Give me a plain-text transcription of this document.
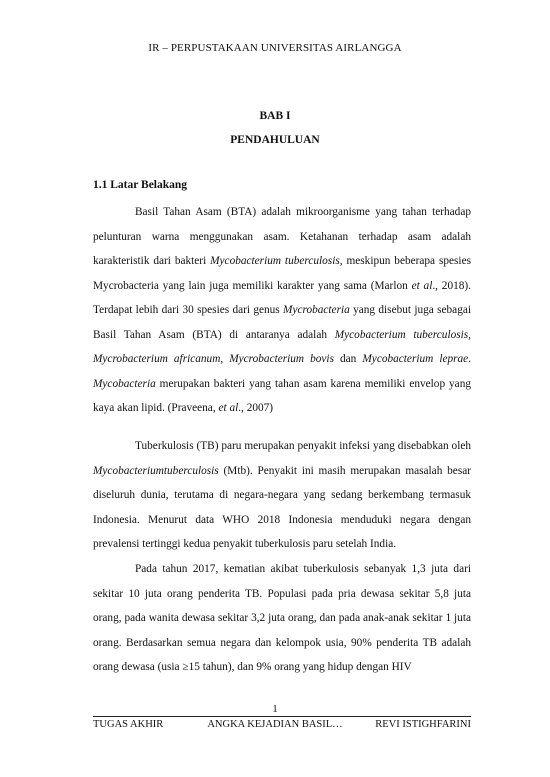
IR – PERPUSTAKAAN UNIVERSITAS AIRLANGGA
BAB I
PENDAHULUAN
1.1 Latar Belakang

Basil Tahan Asam (BTA) adalah mikroorganisme yang tahan terhadap pelunturan warna menggunakan asam. Ketahanan terhadap asam adalah karakteristik dari bakteri Mycobacterium tuberculosis, meskipun beberapa spesies Mycrobacteria yang lain juga memiliki karakter yang sama (Marlon et al., 2018). Terdapat lebih dari 30 spesies dari genus Mycrobacteria yang disebut juga sebagai Basil Tahan Asam (BTA) di antaranya adalah Mycobacterium tuberculosis, Mycrobacterium africanum, Mycrobacterium bovis dan Mycobacterium leprae. Mycobacteria merupakan bakteri yang tahan asam karena memiliki envelop yang kaya akan lipid. (Praveena, et al., 2007)

Tuberkulosis (TB) paru merupakan penyakit infeksi yang disebabkan oleh Mycobacteriumtuberculosis (Mtb). Penyakit ini masih merupakan masalah besar diseluruh dunia, terutama di negara-negara yang sedang berkembang termasuk Indonesia. Menurut data WHO 2018 Indonesia menduduki negara dengan prevalensi tertinggi kedua penyakit tuberkulosis paru setelah India.

Pada tahun 2017, kematian akibat tuberkulosis sebanyak 1,3 juta dari sekitar 10 juta orang penderita TB. Populasi pada pria dewasa sekitar 5,8 juta orang, pada wanita dewasa sekitar 3,2 juta orang, dan pada anak-anak sekitar 1 juta orang. Berdasarkan semua negara dan kelompok usia, 90% penderita TB adalah orang dewasa (usia ≥15 tahun), dan 9% orang yang hidup dengan HIV

1
TUGAS AKHIR	ANGKA KEJADIAN BASIL…	REVI ISTIGHFARINI
